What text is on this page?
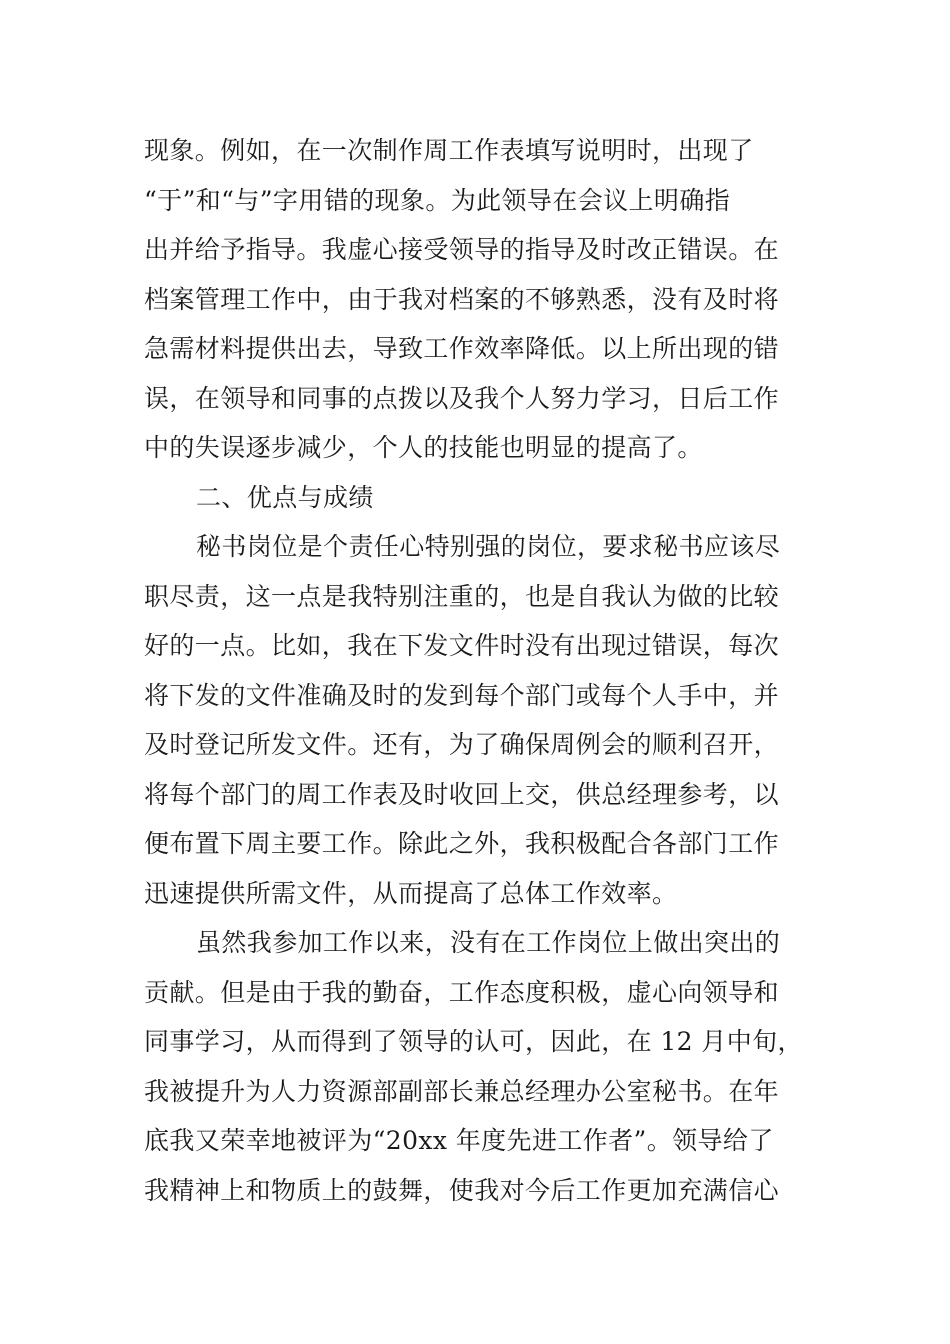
现象。例如，在一次制作周工作表填写说明时，出现了
“于”和“与”字用错的现象。为此领导在会议上明确指
出并给予指导。我虚心接受领导的指导及时改正错误。在
档案管理工作中，由于我对档案的不够熟悉，没有及时将
急需材料提供出去，导致工作效率降低。以上所出现的错
误，在领导和同事的点拨以及我个人努力学习，日后工作
中的失误逐步减少，个人的技能也明显的提高了。
二、优点与成绩
秘书岗位是个责任心特别强的岗位，要求秘书应该尽
职尽责，这一点是我特别注重的，也是自我认为做的比较
好的一点。比如，我在下发文件时没有出现过错误，每次
将下发的文件准确及时的发到每个部门或每个人手中，并
及时登记所发文件。还有，为了确保周例会的顺利召开，
将每个部门的周工作表及时收回上交，供总经理参考，以
便布置下周主要工作。除此之外，我积极配合各部门工作
迅速提供所需文件，从而提高了总体工作效率。
虽然我参加工作以来，没有在工作岗位上做出突出的
贡献。但是由于我的勤奋，工作态度积极，虚心向领导和
同事学习，从而得到了领导的认可，因此，在 12 月中旬，
我被提升为人力资源部副部长兼总经理办公室秘书。在年
底我又荣幸地被评为“20xx 年度先进工作者”。领导给了
我精神上和物质上的鼓舞，使我对今后工作更加充满信心
